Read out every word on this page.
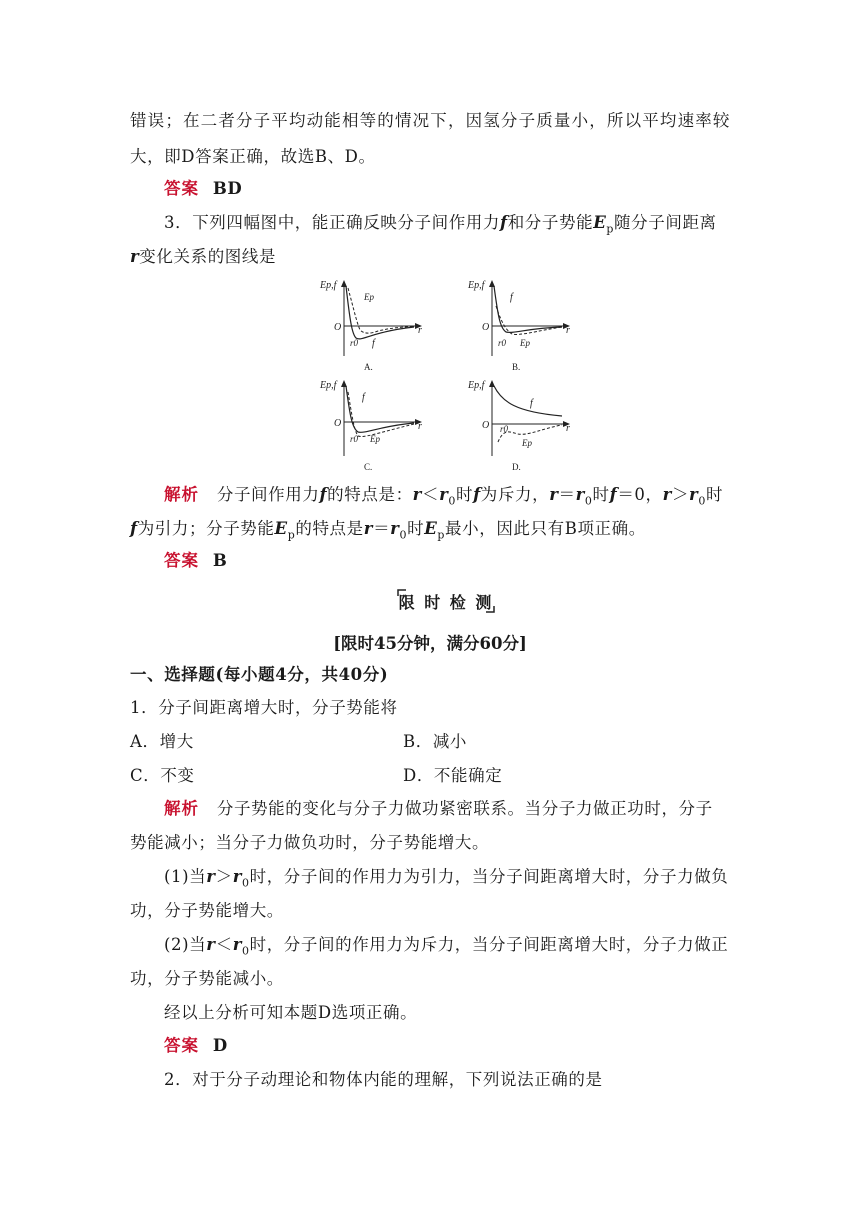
错误；在二者分子平均动能相等的情况下，因氢分子质量小，所以平均速率较
大，即D答案正确，故选B、D。
答案 BD
3．下列四幅图中，能正确反映分子间作用力f和分子势能$E_p$随分子间距离
r变化关系的图线是
Ep,f
O	r
r0 f
Ep
A.
Ep,f
O	r
r0
f
Ep
B.
Ep,f
O	r
r0
f
Ep
C.
Ep,f
O	r
r0
f
Ep
D.
解析 分子间作用力f的特点是：$r<r_0$时f为斥力，$r=r_0$时f＝0，$r>r_0$时
f为引力；分子势能$E_p$的特点是$r=r_0$时$E_p$最小，因此只有B项正确。
答案 B
限 时 检 测
[限时45分钟，满分60分]
一、选择题(每小题4分，共40分)
1．分子间距离增大时，分子势能将
A．增大	B．减小
C．不变	D．不能确定
解析 分子势能的变化与分子力做功紧密联系。当分子力做正功时，分子
势能减小；当分子力做负功时，分子势能增大。
(1)当$r>r_0$时，分子间的作用力为引力，当分子间距离增大时，分子力做负
功，分子势能增大。
(2)当$r<r_0$时，分子间的作用力为斥力，当分子间距离增大时，分子力做正
功，分子势能减小。
经以上分析可知本题D选项正确。
答案 D
2．对于分子动理论和物体内能的理解，下列说法正确的是
